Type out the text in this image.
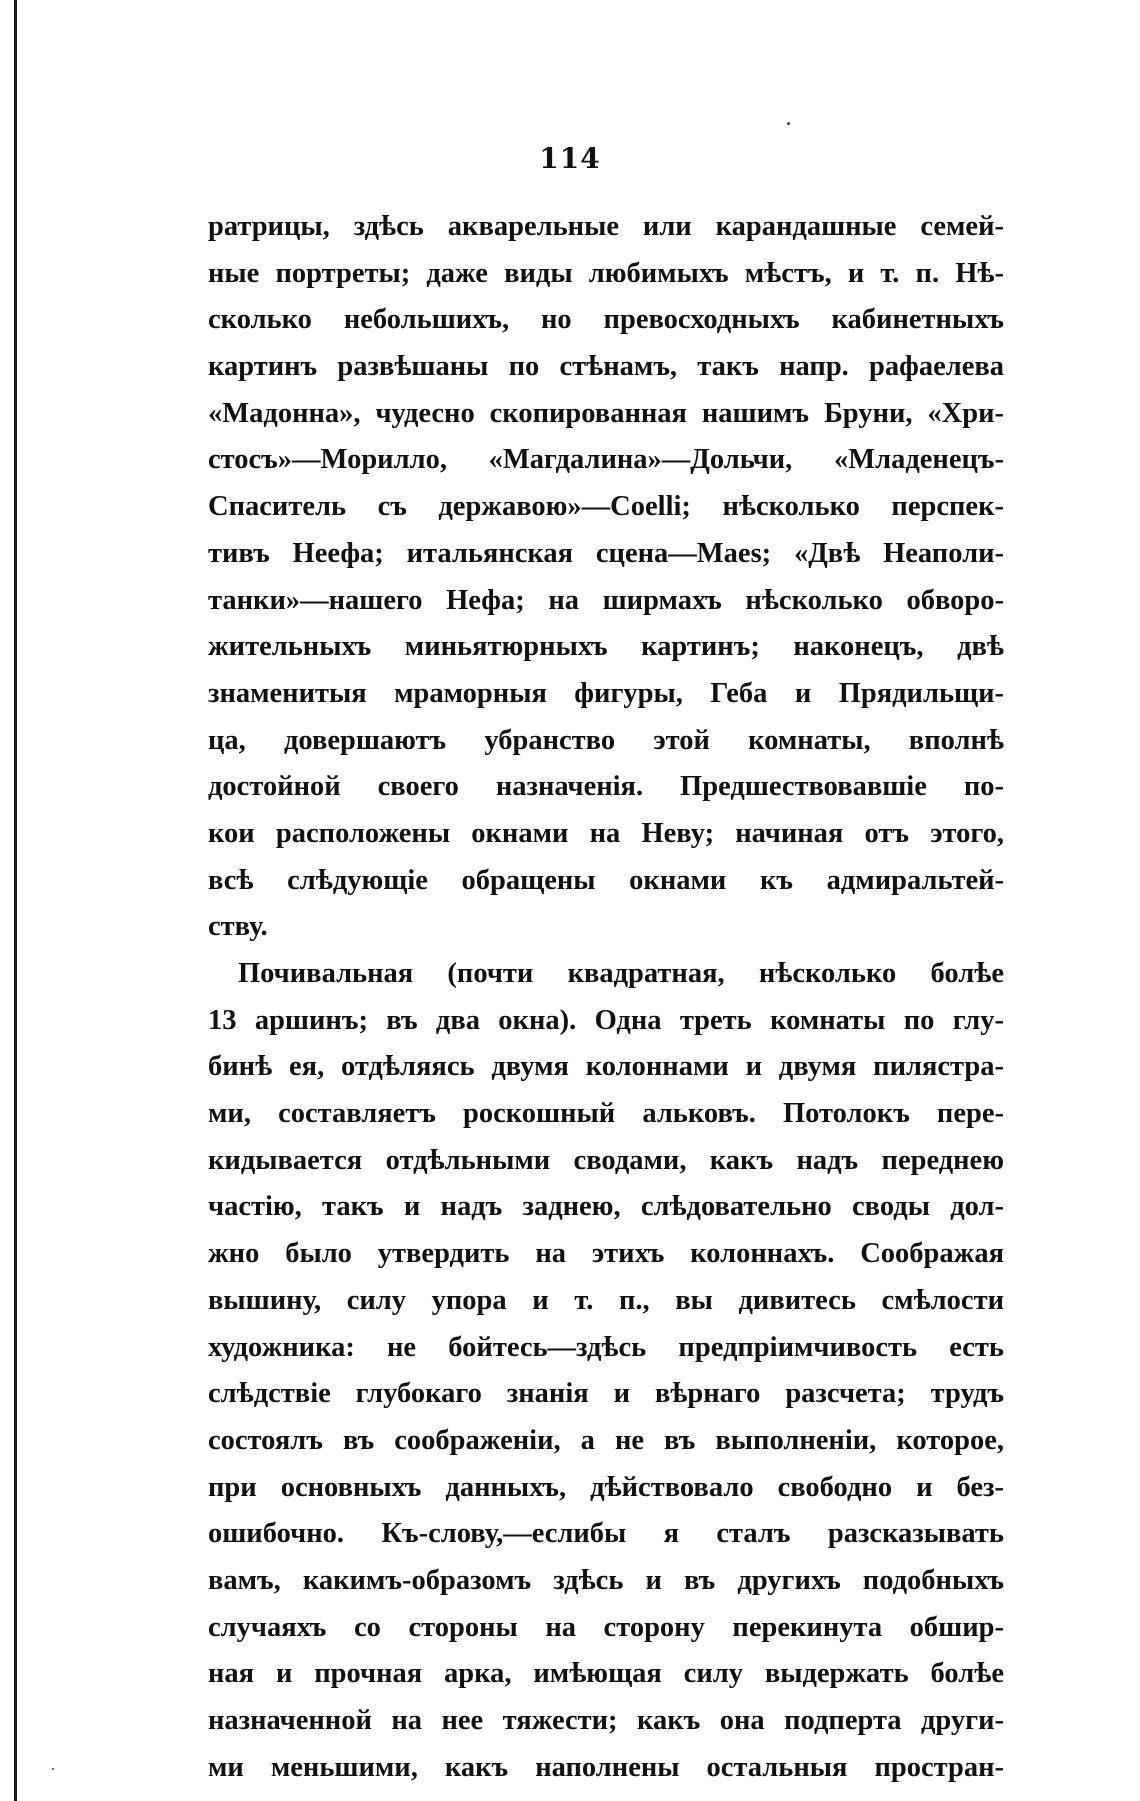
114
ратрицы, здѣсь акварельные или карандашные семей-
ные портреты; даже виды любимыхъ мѣстъ, и т. п. Нѣ-
сколько небольшихъ, но превосходныхъ кабинетныхъ
картинъ развѣшаны по стѣнамъ, такъ напр. рафаелева
«Мадонна», чудесно скопированная нашимъ Бруни, «Хри-
стосъ»—Морилло, «Магдалина»—Дольчи, «Младенецъ-
Спаситель съ державою»—Coelli; нѣсколько перспек-
тивъ Неефа; итальянская сцена—Маеs; «Двѣ Неаполи-
танки»—нашего Нефа; на ширмахъ нѣсколько обворо-
жительныхъ миньятюрныхъ картинъ; наконецъ, двѣ
знаменитыя мраморныя фигуры, Геба и Прядильщи-
ца, довершаютъ убранство этой комнаты, вполнѣ
достойной своего назначенія. Предшествовавшіе по-
кои расположены окнами на Неву; начиная отъ этого,
всѣ слѣдующіе обращены окнами къ адмиральтей-
ству.
Почивальная (почти квадратная, нѣсколько болѣе
13 аршинъ; въ два окна). Одна треть комнаты по глу-
бинѣ ея, отдѣляясь двумя колоннами и двумя пилястра-
ми, составляетъ роскошный альковъ. Потолокъ пере-
кидывается отдѣльными сводами, какъ надъ переднею
частію, такъ и надъ заднею, слѣдовательно своды дол-
жно было утвердить на этихъ колоннахъ. Соображая
вышину, силу упора и т. п., вы дивитесь смѣлости
художника: не бойтесь—здѣсь предпріимчивость есть
слѣдствіе глубокаго знанія и вѣрнаго разсчета; трудъ
состоялъ въ соображеніи, а не въ выполненіи, которое,
при основныхъ данныхъ, дѣйствовало свободно и без-
ошибочно. Къ-слову,—еслибы я сталъ разсказывать
вамъ, какимъ-образомъ здѣсь и въ другихъ подобныхъ
случаяхъ со стороны на сторону перекинута обшир-
ная и прочная арка, имѣющая силу выдержать болѣе
назначенной на нее тяжести; какъ она подперта други-
ми меньшими, какъ наполнены остальныя простран-
